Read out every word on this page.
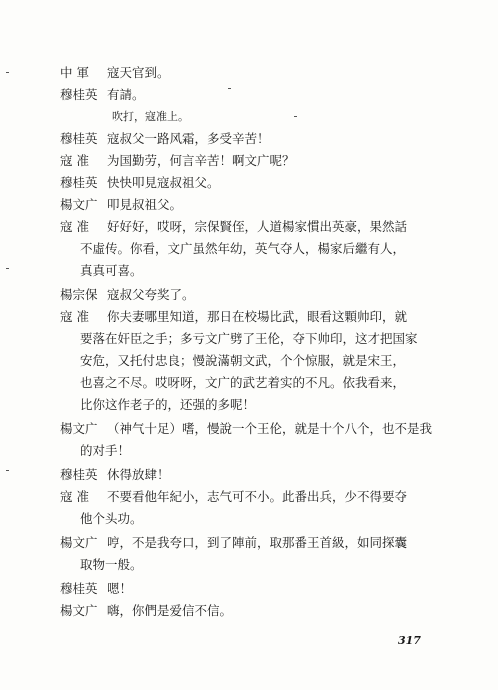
中 軍	寇天官到。
穆桂英 有請。
吹打，寇准上。
穆桂英 寇叔父一路风霜，多受辛苦！
寇 准	为国勤劳，何言辛苦！啊文广呢？
穆桂英 快快叩見寇叔祖父。
楊文广 叩見叔祖父。
寇 准	好好好，哎呀，宗保賢侄，人道楊家慣出英豪，果然話
不虛传。你看，文广虽然年幼，英气夺人，楊家后繼有人，
真真可喜。
楊宗保 寇叔父夸奖了。
寇 准	你夫妻哪里知道，那日在校場比武，眼看这顆帅印，就
要落在奸臣之手；多亏文广劈了王伦，夺下帅印，这才把国家
安危，又托付忠良；慢說滿朝文武，个个惊服，就是宋王，
也喜之不尽。哎呀呀，文广的武艺着实的不凡。依我看来，
比你这作老子的，还强的多呢！
楊文广 （神气十足）嗜，慢說一个王伦，就是十个八个，也不是我
的对手！
穆桂英 休得放肆！
寇 准	不要看他年紀小，志气可不小。此番出兵，少不得要夺
他个头功。
楊文广 哼，不是我夸口，到了陣前，取那番王首級，如同探囊
取物一般。
穆桂英 嗯！
楊文广 嗨，你們是爱信不信。
317
